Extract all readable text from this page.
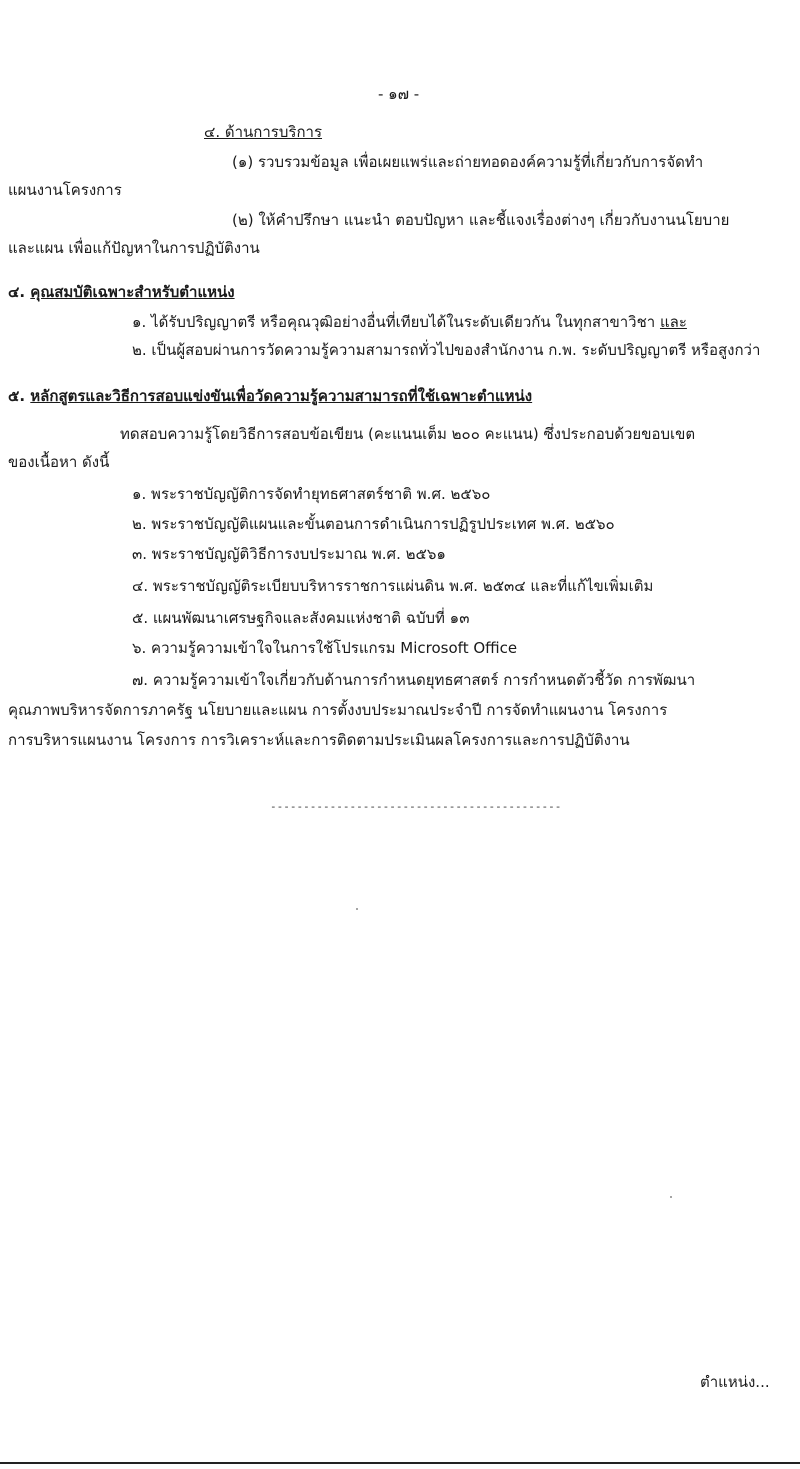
- ๑๗ -
๔. ด้านการบริการ
(๑) รวบรวมข้อมูล เพื่อเผยแพร่และถ่ายทอดองค์ความรู้ที่เกี่ยวกับการจัดทำ
แผนงานโครงการ
(๒) ให้คำปรึกษา แนะนำ ตอบปัญหา และชี้แจงเรื่องต่างๆ เกี่ยวกับงานนโยบาย
และแผน เพื่อแก้ปัญหาในการปฏิบัติงาน
๔. คุณสมบัติเฉพาะสำหรับตำแหน่ง
๑. ได้รับปริญญาตรี หรือคุณวุฒิอย่างอื่นที่เทียบได้ในระดับเดียวกัน ในทุกสาขาวิชา และ
๒. เป็นผู้สอบผ่านการวัดความรู้ความสามารถทั่วไปของสำนักงาน ก.พ. ระดับปริญญาตรี หรือสูงกว่า
๕. หลักสูตรและวิธีการสอบแข่งขันเพื่อวัดความรู้ความสามารถที่ใช้เฉพาะตำแหน่ง
ทดสอบความรู้โดยวิธีการสอบข้อเขียน (คะแนนเต็ม ๒๐๐ คะแนน) ซึ่งประกอบด้วยขอบเขต
ของเนื้อหา ดังนี้
๑. พระราชบัญญัติการจัดทำยุทธศาสตร์ชาติ พ.ศ. ๒๕๖๐
๒. พระราชบัญญัติแผนและขั้นตอนการดำเนินการปฏิรูปประเทศ พ.ศ. ๒๕๖๐
๓. พระราชบัญญัติวิธีการงบประมาณ พ.ศ. ๒๕๖๑
๔. พระราชบัญญัติระเบียบบริหารราชการแผ่นดิน พ.ศ. ๒๕๓๔ และที่แก้ไขเพิ่มเติม
๕. แผนพัฒนาเศรษฐกิจและสังคมแห่งชาติ ฉบับที่ ๑๓
๖. ความรู้ความเข้าใจในการใช้โปรแกรม Microsoft Office
๗. ความรู้ความเข้าใจเกี่ยวกับด้านการกำหนดยุทธศาสตร์ การกำหนดตัวชี้วัด การพัฒนา
คุณภาพบริหารจัดการภาครัฐ นโยบายและแผน การตั้งงบประมาณประจำปี การจัดทำแผนงาน โครงการ
การบริหารแผนงาน โครงการ การวิเคราะห์และการติดตามประเมินผลโครงการและการปฏิบัติงาน
--------------------------------------------
ตำแหน่ง...
